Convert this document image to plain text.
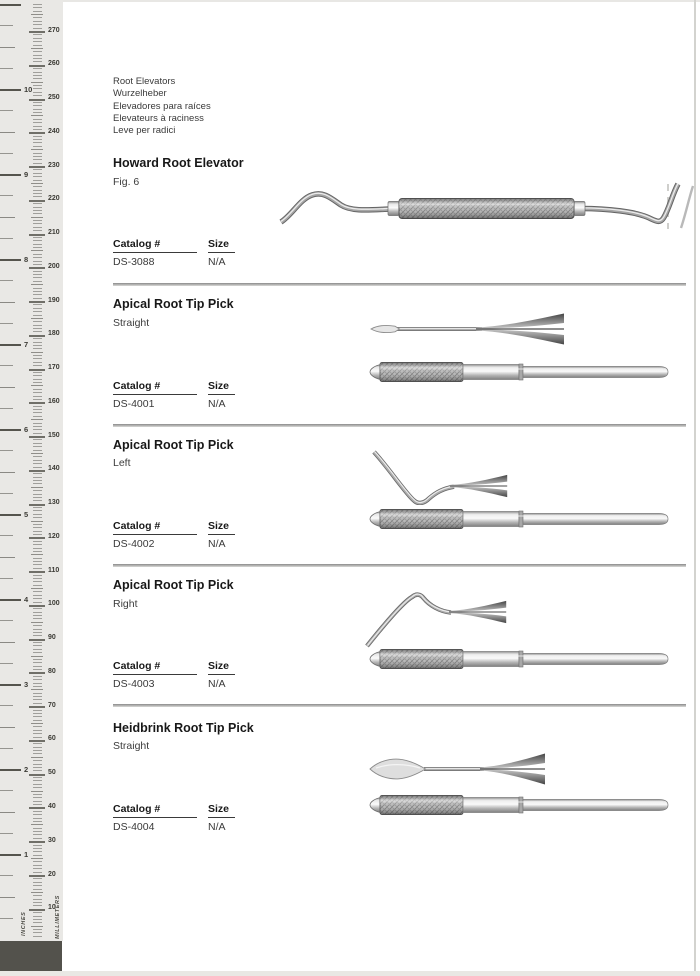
10
9
8
7
6
5
4
3
2
1
270
260
250
240
230
220
210
200
190
180
170
160
150
140
130
120
110
100
90
80
70
60
50
40
30
20
10
INCHES	MILLIMETERS
Root Elevators
Wurzelheber
Elevadores para raíces
Elevateurs à raciness
Leve per radici
Howard Root Elevator
Fig. 6
Catalog #	Size
DS-3088	N/A
Apical Root Tip Pick
Straight
Catalog #	Size
DS-4001	N/A
Apical Root Tip Pick
Left
Catalog #	Size
DS-4002	N/A
Apical Root Tip Pick
Right
Catalog #	Size
DS-4003	N/A
Heidbrink Root Tip Pick
Straight
Catalog #	Size
DS-4004	N/A
